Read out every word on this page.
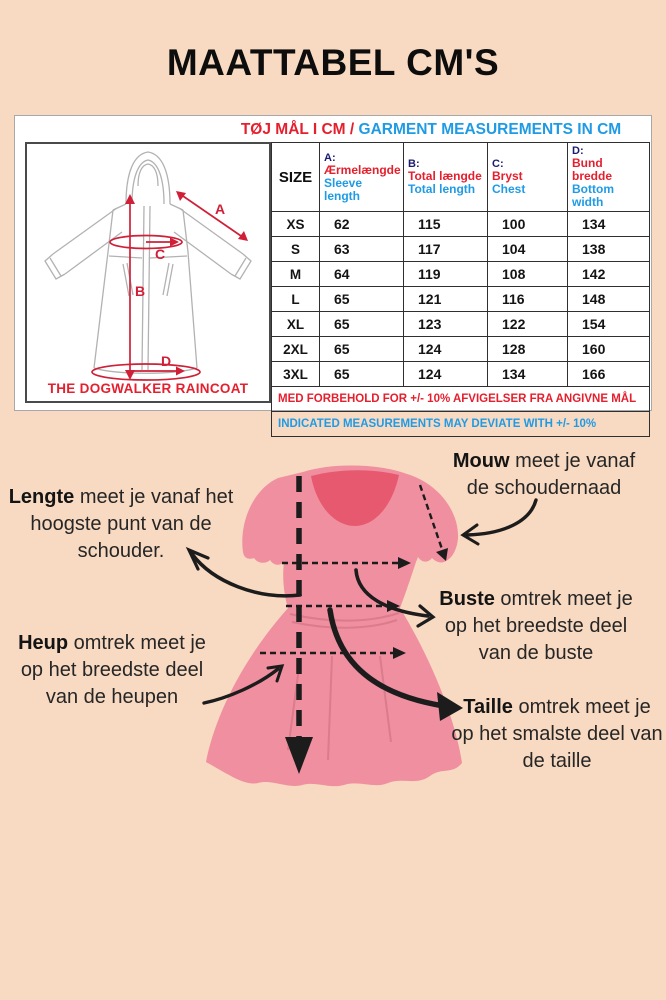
MAATTABEL CM'S
TØJ MÅL I CM / GARMENT MEASUREMENTS IN CM
A
B
C
D
THE DOGWALKER RAINCOAT
SIZE	A:
Ærmelængde
Sleeve length	B:
Total længde
Total length	C:
Bryst
Chest	D:
Bund bredde
Bottom width

XS	62	115	100	134
S	63	117	104	138
M	64	119	108	142
L	65	121	116	148
XL	65	123	122	154
2XL	65	124	128	160
3XL	65	124	134	166
MED FORBEHOLD FOR +/- 10% AFVIGELSER FRA ANGIVNE MÅL				
INDICATED MEASUREMENTS MAY DEVIATE WITH +/- 10%				
Lengte meet je vanaf het hoogste punt van de schouder.
Mouw meet je vanaf de schoudernaad
Buste omtrek meet je op het breedste deel van de buste
Heup omtrek meet je op het breedste deel van de heupen	Taille omtrek meet je op het smalste deel van de taille
